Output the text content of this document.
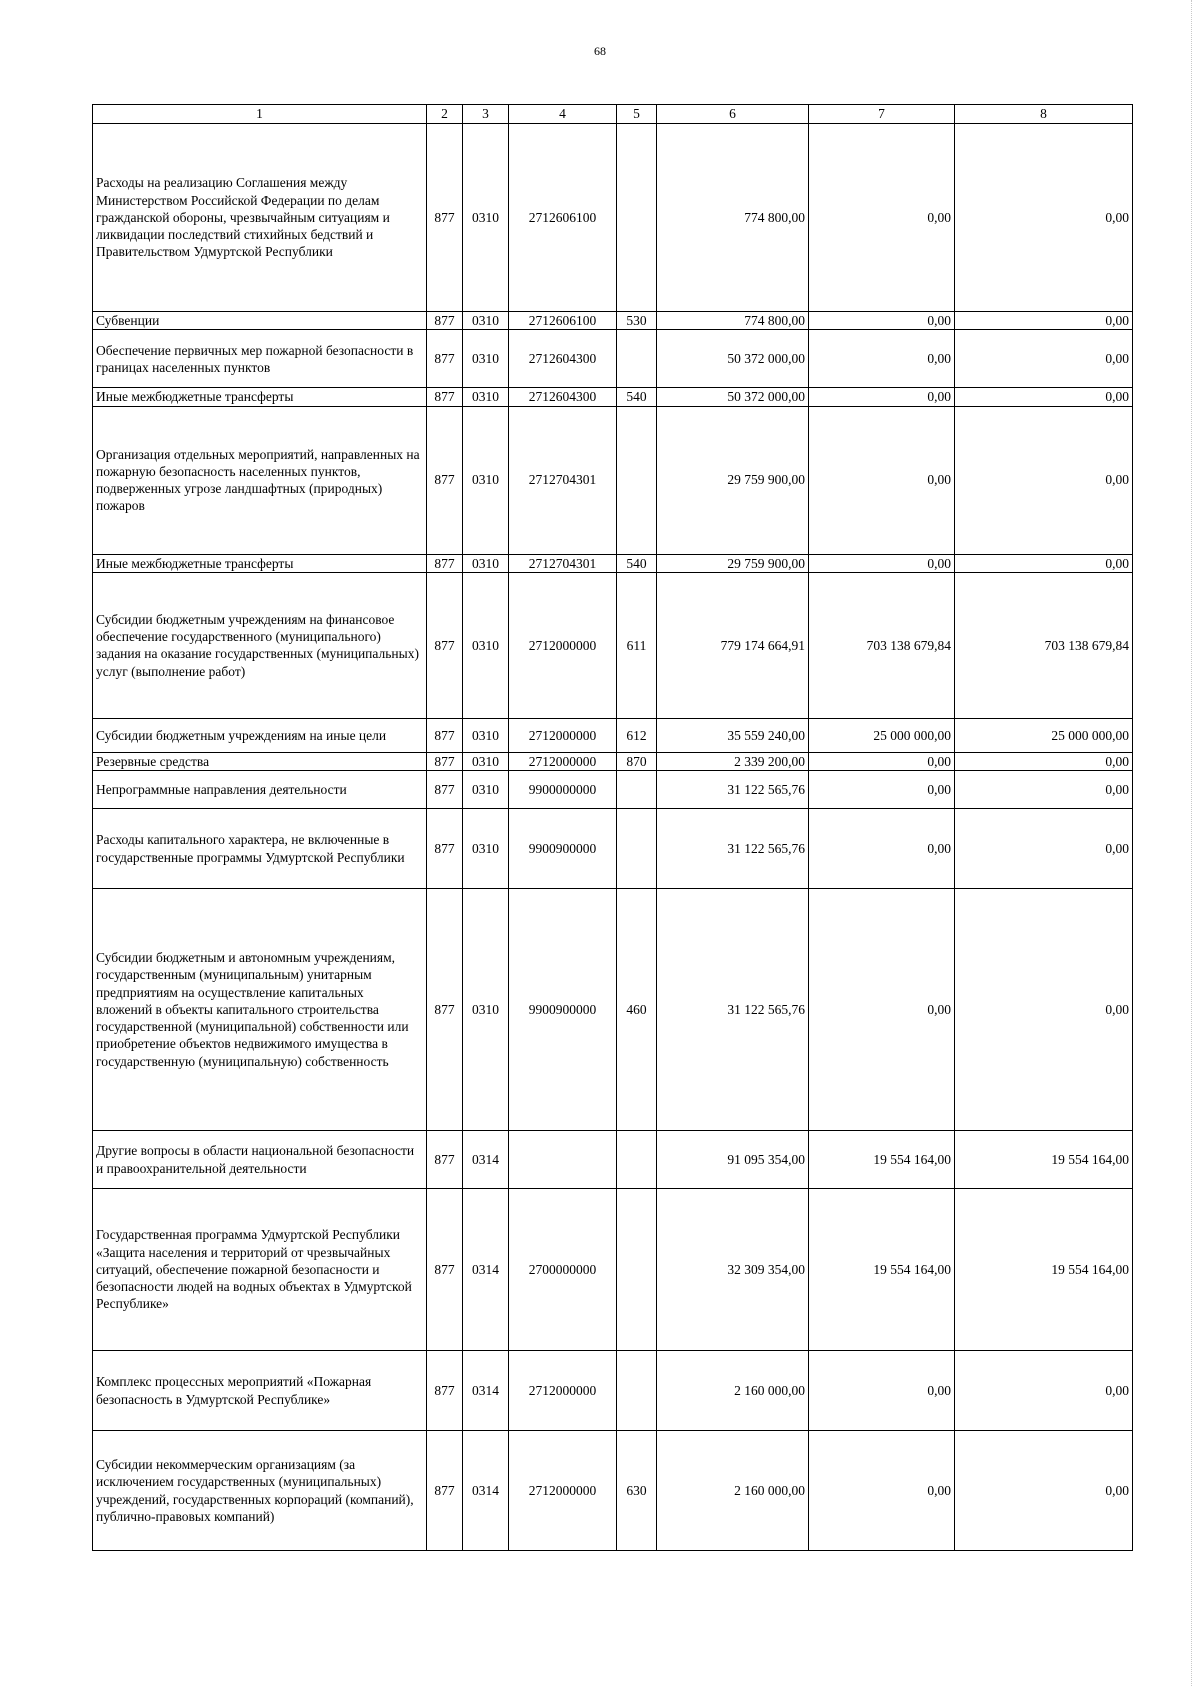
68
1	2	3	4	5	6	7	8
Расходы на реализацию Соглашения между Министерством Российской Федерации по делам гражданской обороны, чрезвычайным ситуациям и ликвидации последствий стихийных бедствий и Правительством Удмуртской Республики	877	0310	2712606100		774 800,00	0,00	0,00
Субвенции	877	0310	2712606100	530	774 800,00	0,00	0,00
Обеспечение первичных мер пожарной безопасности в границах населенных пунктов	877	0310	2712604300		50 372 000,00	0,00	0,00
Иные межбюджетные трансферты	877	0310	2712604300	540	50 372 000,00	0,00	0,00
Организация отдельных мероприятий, направленных на пожарную безопасность населенных пунктов, подверженных угрозе ландшафтных (природных) пожаров	877	0310	2712704301		29 759 900,00	0,00	0,00
Иные межбюджетные трансферты	877	0310	2712704301	540	29 759 900,00	0,00	0,00
Субсидии бюджетным учреждениям на финансовое обеспечение государственного (муниципального) задания на оказание государственных (муниципальных) услуг (выполнение работ)	877	0310	2712000000	611	779 174 664,91	703 138 679,84	703 138 679,84
Субсидии бюджетным учреждениям на иные цели	877	0310	2712000000	612	35 559 240,00	25 000 000,00	25 000 000,00
Резервные средства	877	0310	2712000000	870	2 339 200,00	0,00	0,00
Непрограммные направления деятельности	877	0310	9900000000		31 122 565,76	0,00	0,00
Расходы капитального характера, не включенные в государственные программы Удмуртской Республики	877	0310	9900900000		31 122 565,76	0,00	0,00
Субсидии бюджетным и автономным учреждениям, государственным (муниципальным) унитарным предприятиям на осуществление капитальных вложений в объекты капитального строительства государственной (муниципальной) собственности или приобретение объектов недвижимого имущества в государственную (муниципальную) собственность	877	0310	9900900000	460	31 122 565,76	0,00	0,00
Другие вопросы в области национальной безопасности и правоохранительной деятельности	877	0314			91 095 354,00	19 554 164,00	19 554 164,00
Государственная программа Удмуртской Республики «Защита населения и территорий от чрезвычайных ситуаций, обеспечение пожарной безопасности и безопасности людей на водных объектах в Удмуртской Республике»	877	0314	2700000000		32 309 354,00	19 554 164,00	19 554 164,00
Комплекс процессных мероприятий «Пожарная безопасность в Удмуртской Республике»	877	0314	2712000000		2 160 000,00	0,00	0,00
Субсидии некоммерческим организациям (за исключением государственных (муниципальных) учреждений, государственных корпораций (компаний), публично-правовых компаний)	877	0314	2712000000	630	2 160 000,00	0,00	0,00
